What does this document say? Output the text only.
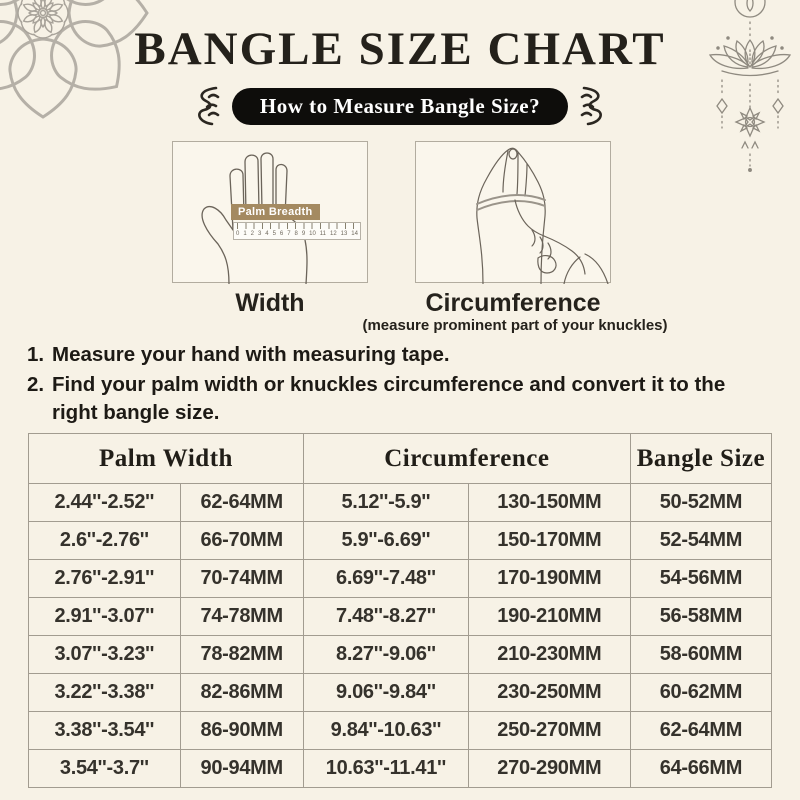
BANGLE SIZE CHART
How to Measure Bangle Size?
Palm Breadth
0 1 2 3 4 5 6 7 8 9 10 11 12 13 14
Width	Circumference
(measure prominent part of your knuckles)
1. Measure your hand with measuring tape.
2. Find your palm width or knuckles circumference and convert it to the
right bangle size.
Palm Width		Circumference		Bangle Size
2.44''-2.52''	62-64MM	5.12''-5.9''	130-150MM	50-52MM
2.6''-2.76''	66-70MM	5.9''-6.69''	150-170MM	52-54MM
2.76''-2.91''	70-74MM	6.69''-7.48''	170-190MM	54-56MM
2.91''-3.07''	74-78MM	7.48''-8.27''	190-210MM	56-58MM
3.07''-3.23''	78-82MM	8.27''-9.06''	210-230MM	58-60MM
3.22''-3.38''	82-86MM	9.06''-9.84''	230-250MM	60-62MM
3.38''-3.54''	86-90MM	9.84''-10.63''	250-270MM	62-64MM
3.54''-3.7''	90-94MM	10.63''-11.41''	270-290MM	64-66MM
